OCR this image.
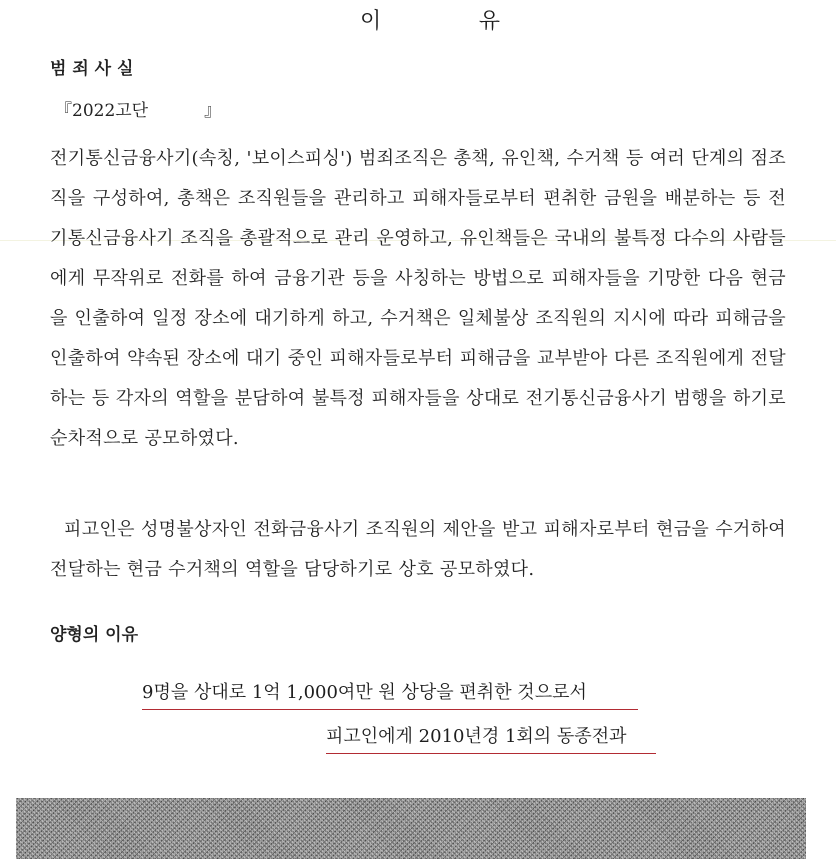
이	유
범 죄 사 실
『2022고단	』
전기통신금융사기(속칭, '보이스피싱') 범죄조직은 총책, 유인책, 수거책 등 여러 단계의 점조직을 구성하여, 총책은 조직원들을 관리하고 피해자들로부터 편취한 금원을 배분하는 등 전기통신금융사기 조직을 총괄적으로 관리 운영하고, 유인책들은 국내의 불특정 다수의 사람들에게 무작위로 전화를 하여 금융기관 등을 사칭하는 방법으로 피해자들을 기망한 다음 현금을 인출하여 일정 장소에 대기하게 하고, 수거책은 일체불상 조직원의 지시에 따라 피해금을 인출하여 약속된 장소에 대기 중인 피해자들로부터 피해금을 교부받아 다른 조직원에게 전달하는 등 각자의 역할을 분담하여 불특정 피해자들을 상대로 전기통신금융사기 범행을 하기로 순차적으로 공모하였다.
피고인은 성명불상자인 전화금융사기 조직원의 제안을 받고 피해자로부터 현금을 수거하여 전달하는 현금 수거책의 역할을 담당하기로 상호 공모하였다.
양형의 이유
9명을 상대로 1억 1,000여만 원 상당을 편취한 것으로서
피고인에게 2010년경 1회의 동종전과
